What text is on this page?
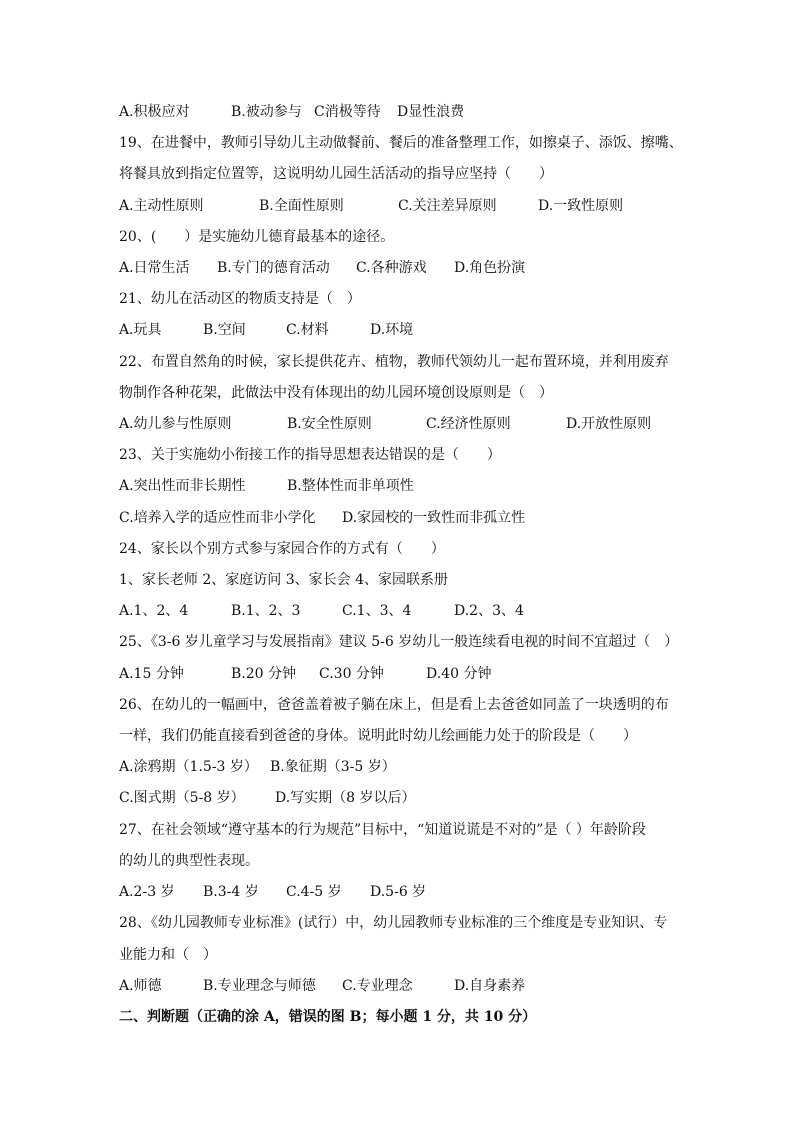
A.积极应对

	B.被动参与

C消极等待

D显性浪费

19、在进餐中，教师引导幼儿主动做餐前、餐后的准备整理工作，如擦桌子、添饭、擦嘴、
将餐具放到指定位置等，这说明幼儿园生活活动的指导应坚持（　　）

A.主动性原则

	B.全面性原则

	C.关注差异原则

	D.一致性原则

20、(　　）是实施幼儿德育最基本的途径。

A.日常生活

B.专门的德育活动

C.各种游戏

D.角色扮演

21、幼儿在活动区的物质支持是（　）

A.玩具

	B.空间

	C.材料

	D.环境

22、布置自然角的时候，家长提供花卉、植物，教师代领幼儿一起布置环境，并利用废弃
物制作各种花架，此做法中没有体现出的幼儿园环境创设原则是（　）

A.幼儿参与性原则

	B.安全性原则

	C.经济性原则

	D.开放性原则

23、关于实施幼小衔接工作的指导思想表达错误的是（　　）

A.突出性而非长期性

	B.整体性而非单项性

C.培养入学的适应性而非小学化

D.家园校的一致性而非孤立性

24、家长以个别方式参与家园合作的方式有（　　）
1、家长老师 2、家庭访问 3、家长会 4、家园联系册

A.1、2、4

	B.1、2、3

	C.1、3、4

	D.2、3、4

25、《3-6 岁儿童学习与发展指南》建议 5-6 岁幼儿一般连续看电视的时间不宜超过（　）

A.15 分钟

	B.20 分钟

C.30 分钟

	D.40 分钟

26、在幼儿的一幅画中，爸爸盖着被子躺在床上，但是看上去爸爸如同盖了一块透明的布
一样，我们仍能直接看到爸爸的身体。说明此时幼儿绘画能力处于的阶段是（　　）

A.涂鸦期（1.5-3 岁）

B.象征期（3-5 岁）

C.图式期（5-8 岁）

D.写实期（8 岁以后）

27、在社会领域“遵守基本的行为规范”目标中，“知道说谎是不对的”是（ ）年龄阶段
的幼儿的典型性表现。

A.2-3 岁

B.3-4 岁

C.4-5 岁

D.5-6 岁

28、《幼儿园教师专业标准》(试行）中，幼儿园教师专业标准的三个维度是专业知识、专
业能力和（　）

A.师德

	B.专业理念与师德

C.专业理念

	D.自身素养

二、判断题（正确的涂 A，错误的图 B；每小题 1 分，共 10 分）
